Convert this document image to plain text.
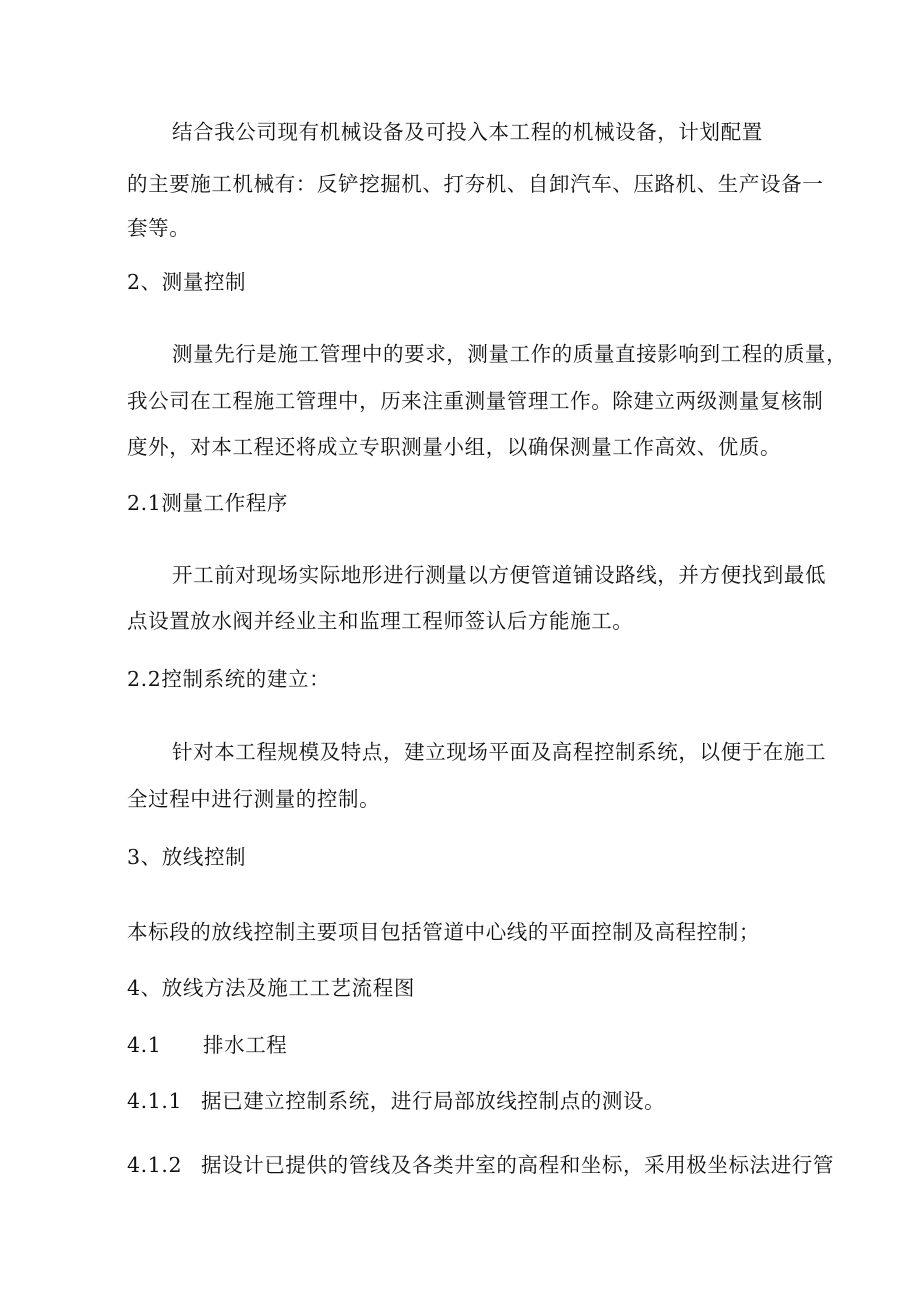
结合我公司现有机械设备及可投入本工程的机械设备，计划配置
的主要施工机械有：反铲挖掘机、打夯机、自卸汽车、压路机、生产设备一
套等。
2、测量控制
测量先行是施工管理中的要求，测量工作的质量直接影响到工程的质量，
我公司在工程施工管理中，历来注重测量管理工作。除建立两级测量复核制
度外，对本工程还将成立专职测量小组，以确保测量工作高效、优质。
2.1测量工作程序
开工前对现场实际地形进行测量以方便管道铺设路线，并方便找到最低
点设置放水阀并经业主和监理工程师签认后方能施工。
2.2控制系统的建立：
针对本工程规模及特点，建立现场平面及高程控制系统，以便于在施工
全过程中进行测量的控制。
3、放线控制
本标段的放线控制主要项目包括管道中心线的平面控制及高程控制；
4、放线方法及施工工艺流程图
4.1 排水工程
4.1.1 据已建立控制系统，进行局部放线控制点的测设。
4.1.2 据设计已提供的管线及各类井室的高程和坐标，采用极坐标法进行管
